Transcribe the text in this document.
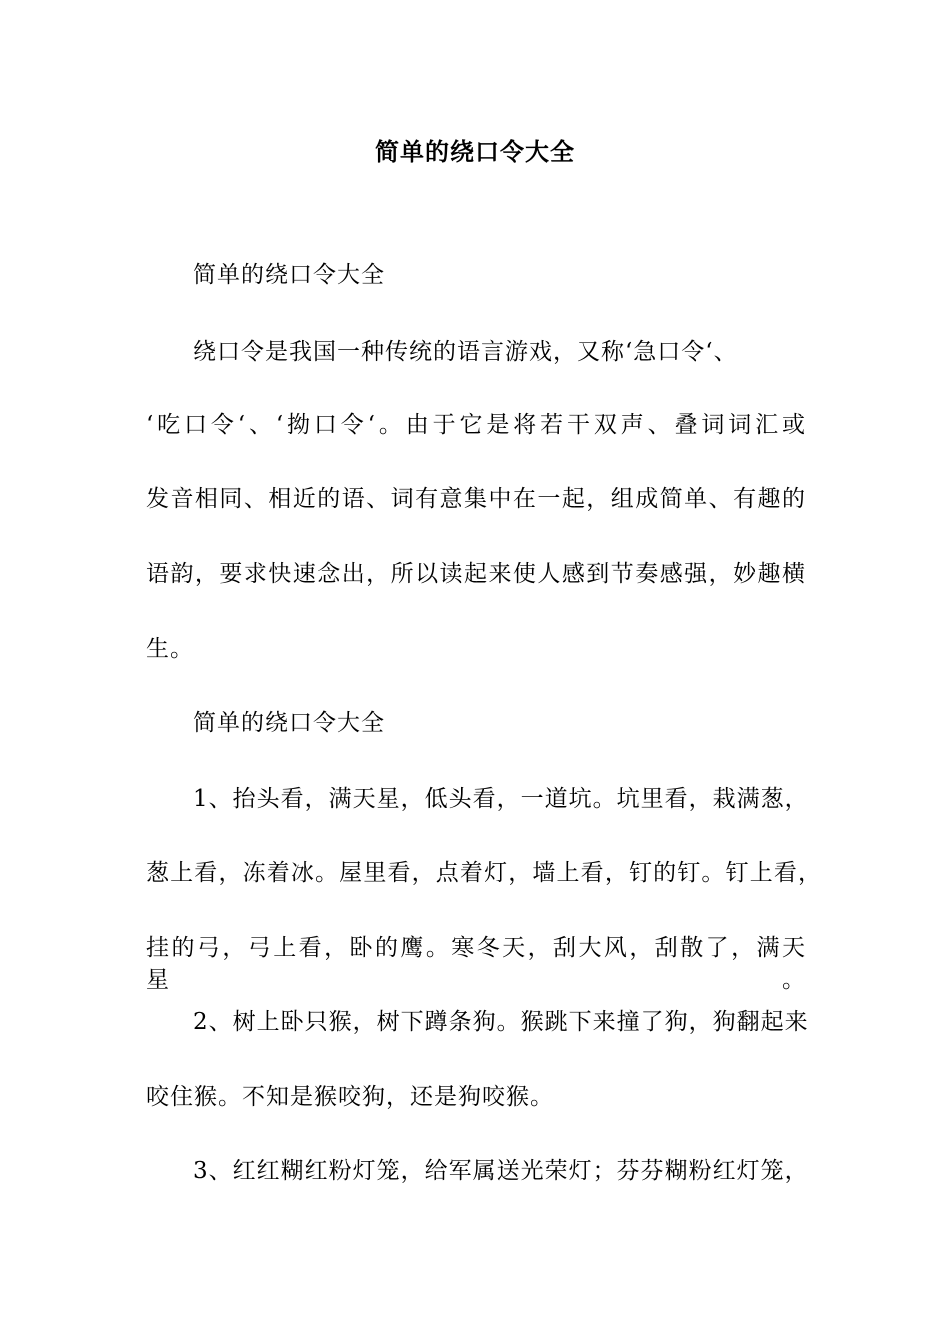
简单的绕口令大全
简单的绕口令大全
绕口令是我国一种传统的语言游戏，又称‘急口令‘、
‘吃口令‘、‘拗口令‘。由于它是将若干双声、叠词词汇或
发音相同、相近的语、词有意集中在一起，组成简单、有趣的
语韵，要求快速念出，所以读起来使人感到节奏感强，妙趣横
生。
简单的绕口令大全
1、抬头看，满天星，低头看，一道坑。坑里看，栽满葱，
葱上看，冻着冰。屋里看，点着灯，墙上看，钉的钉。钉上看，
挂的弓，弓上看，卧的鹰。寒冬天，刮大风，刮散了，满天星。
2、树上卧只猴，树下蹲条狗。猴跳下来撞了狗，狗翻起来
咬住猴。不知是猴咬狗，还是狗咬猴。
3、红红糊红粉灯笼，给军属送光荣灯；芬芬糊粉红灯笼，
